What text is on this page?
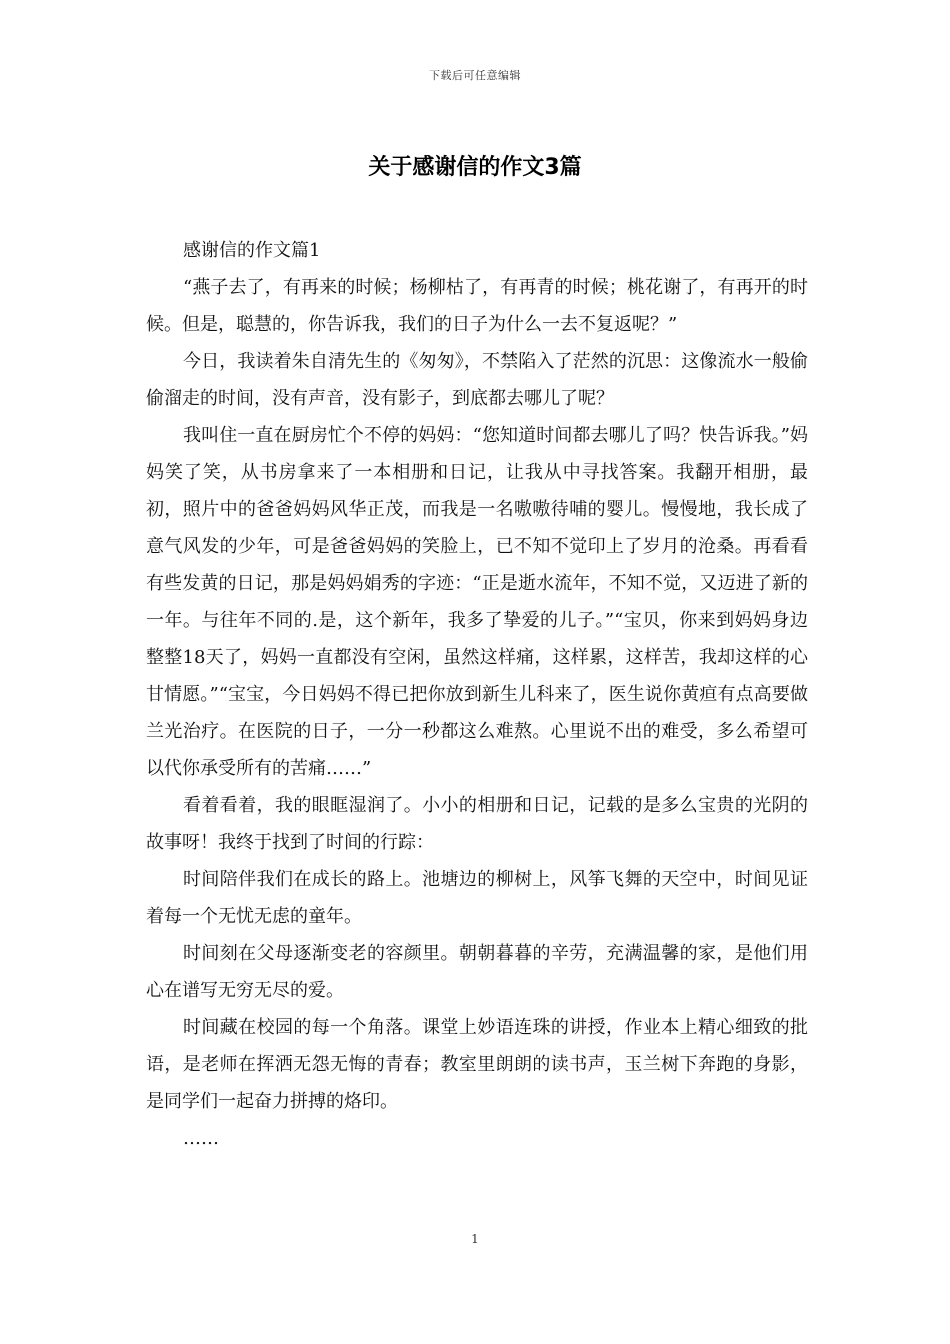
下载后可任意编辑
关于感谢信的作文3篇

感谢信的作文篇1

“燕子去了，有再来的时候；杨柳枯了，有再青的时候；桃花谢了，有再开的时候。但是，聪慧的，你告诉我，我们的日子为什么一去不复返呢？”

今日，我读着朱自清先生的《匆匆》，不禁陷入了茫然的沉思：这像流水一般偷偷溜走的时间，没有声音，没有影子，到底都去哪儿了呢？

我叫住一直在厨房忙个不停的妈妈：“您知道时间都去哪儿了吗？快告诉我。”妈妈笑了笑，从书房拿来了一本相册和日记，让我从中寻找答案。我翻开相册，最初，照片中的爸爸妈妈风华正茂，而我是一名嗷嗷待哺的婴儿。慢慢地，我长成了意气风发的少年，可是爸爸妈妈的笑脸上，已不知不觉印上了岁月的沧桑。再看看有些发黄的日记，那是妈妈娟秀的字迹：“正是逝水流年，不知不觉，又迈进了新的一年。与往年不同的.是，这个新年，我多了挚爱的儿子。”“宝贝，你来到妈妈身边整整18天了，妈妈一直都没有空闲，虽然这样痛，这样累，这样苦，我却这样的心甘情愿。”“宝宝，今日妈妈不得已把你放到新生儿科来了，医生说你黄疸有点高要做兰光治疗。在医院的日子，一分一秒都这么难熬。心里说不出的难受，多么希望可以代你承受所有的苦痛……”

看着看着，我的眼眶湿润了。小小的相册和日记，记载的是多么宝贵的光阴的故事呀！我终于找到了时间的行踪：

时间陪伴我们在成长的路上。池塘边的柳树上，风筝飞舞的天空中，时间见证着每一个无忧无虑的童年。

时间刻在父母逐渐变老的容颜里。朝朝暮暮的辛劳，充满温馨的家，是他们用心在谱写无穷无尽的爱。

时间藏在校园的每一个角落。课堂上妙语连珠的讲授，作业本上精心细致的批语，是老师在挥洒无怨无悔的青春；教室里朗朗的读书声，玉兰树下奔跑的身影，是同学们一起奋力拼搏的烙印。

……

1
